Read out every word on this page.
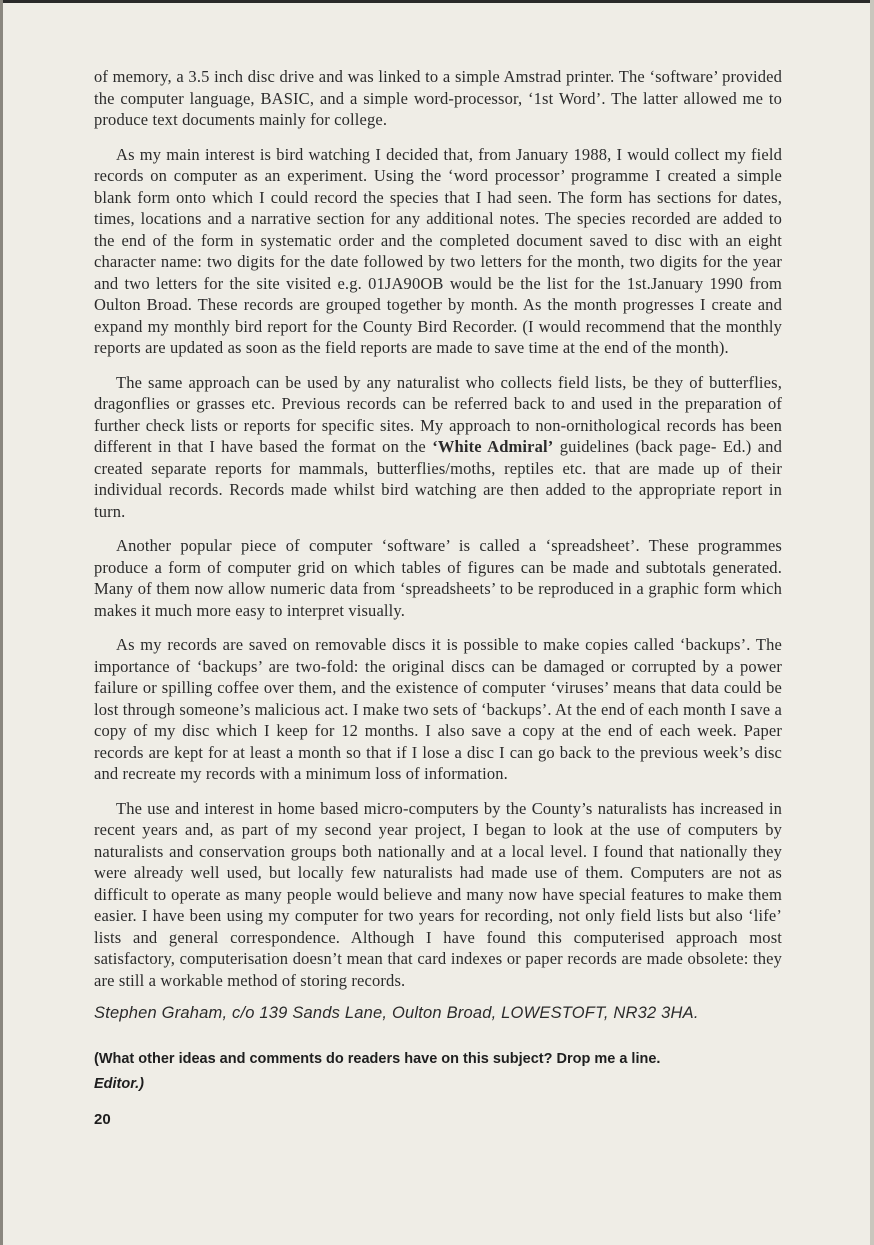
of memory, a 3.5 inch disc drive and was linked to a simple Amstrad printer. The ‘software’ provided the computer language, BASIC, and a simple word-processor, ‘1st Word’. The latter allowed me to produce text documents mainly for college.

As my main interest is bird watching I decided that, from January 1988, I would collect my field records on computer as an experiment. Using the ‘word processor’ programme I created a simple blank form onto which I could record the species that I had seen. The form has sections for dates, times, locations and a narrative section for any additional notes. The species recorded are added to the end of the form in systematic order and the completed document saved to disc with an eight character name: two digits for the date followed by two letters for the month, two digits for the year and two letters for the site visited e.g. 01JA90OB would be the list for the 1st.January 1990 from Oulton Broad. These records are grouped together by month. As the month progresses I create and expand my monthly bird report for the County Bird Recorder. (I would recommend that the monthly reports are updated as soon as the field reports are made to save time at the end of the month).

The same approach can be used by any naturalist who collects field lists, be they of butterflies, dragonflies or grasses etc. Previous records can be referred back to and used in the preparation of further check lists or reports for specific sites. My approach to non-ornithological records has been different in that I have based the format on the ‘White Admiral’ guidelines (back page- Ed.) and created separate reports for mammals, butterflies/moths, reptiles etc. that are made up of their individual records. Records made whilst bird watching are then added to the appropriate report in turn.

Another popular piece of computer ‘software’ is called a ‘spreadsheet’. These programmes produce a form of computer grid on which tables of figures can be made and subtotals generated. Many of them now allow numeric data from ‘spreadsheets’ to be reproduced in a graphic form which makes it much more easy to interpret visually.

As my records are saved on removable discs it is possible to make copies called ‘backups’. The importance of ‘backups’ are two-fold: the original discs can be damaged or corrupted by a power failure or spilling coffee over them, and the existence of computer ‘viruses’ means that data could be lost through someone’s malicious act. I make two sets of ‘backups’. At the end of each month I save a copy of my disc which I keep for 12 months. I also save a copy at the end of each week. Paper records are kept for at least a month so that if I lose a disc I can go back to the previous week’s disc and recreate my records with a minimum loss of information.

The use and interest in home based micro-computers by the County’s naturalists has increased in recent years and, as part of my second year project, I began to look at the use of computers by naturalists and conservation groups both nationally and at a local level. I found that nationally they were already well used, but locally few naturalists had made use of them. Computers are not as difficult to operate as many people would believe and many now have special features to make them easier. I have been using my computer for two years for recording, not only field lists but also ‘life’ lists and general correspondence. Although I have found this computerised approach most satisfactory, computerisation doesn’t mean that card indexes or paper records are made obsolete: they are still a workable method of storing records.

Stephen Graham, c/o 139 Sands Lane, Oulton Broad, LOWESTOFT, NR32 3HA.
(What other ideas and comments do readers have on this subject? Drop me a line.
Editor.)
20
